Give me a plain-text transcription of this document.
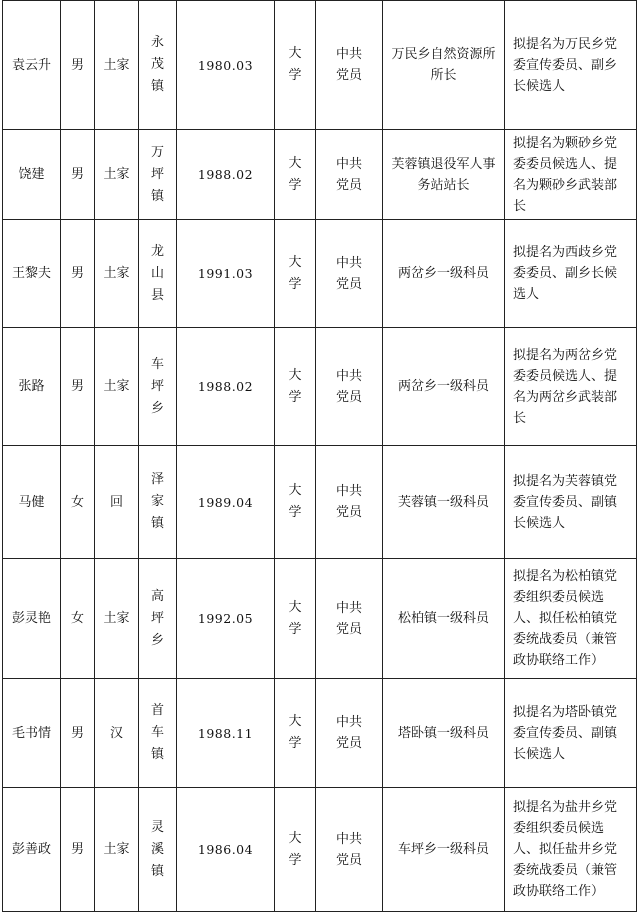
袁云升	男	土家	永茂镇	1980.03	大学	中共党员	万民乡自然资源所所长	拟提名为万民乡党委宣传委员、副乡长候选人
饶建	男	土家	万坪镇	1988.02	大学	中共党员	芙蓉镇退役军人事务站站长	拟提名为颗砂乡党委委员候选人、提名为颗砂乡武装部长
王黎夫	男	土家	龙山县	1991.03	大学	中共党员	两岔乡一级科员	拟提名为西歧乡党委委员、副乡长候选人
张路	男	土家	车坪乡	1988.02	大学	中共党员	两岔乡一级科员	拟提名为两岔乡党委委员候选人、提名为两岔乡武装部长
马健	女	回	泽家镇	1989.04	大学	中共党员	芙蓉镇一级科员	拟提名为芙蓉镇党委宣传委员、副镇长候选人
彭灵艳	女	土家	高坪乡	1992.05	大学	中共党员	松柏镇一级科员	拟提名为松柏镇党委组织委员候选人、拟任松柏镇党委统战委员（兼管政协联络工作）
毛书情	男	汉	首车镇	1988.11	大学	中共党员	塔卧镇一级科员	拟提名为塔卧镇党委宣传委员、副镇长候选人
彭善政	男	土家	灵溪镇	1986.04	大学	中共党员	车坪乡一级科员	拟提名为盐井乡党委组织委员候选人、拟任盐井乡党委统战委员（兼管政协联络工作）
